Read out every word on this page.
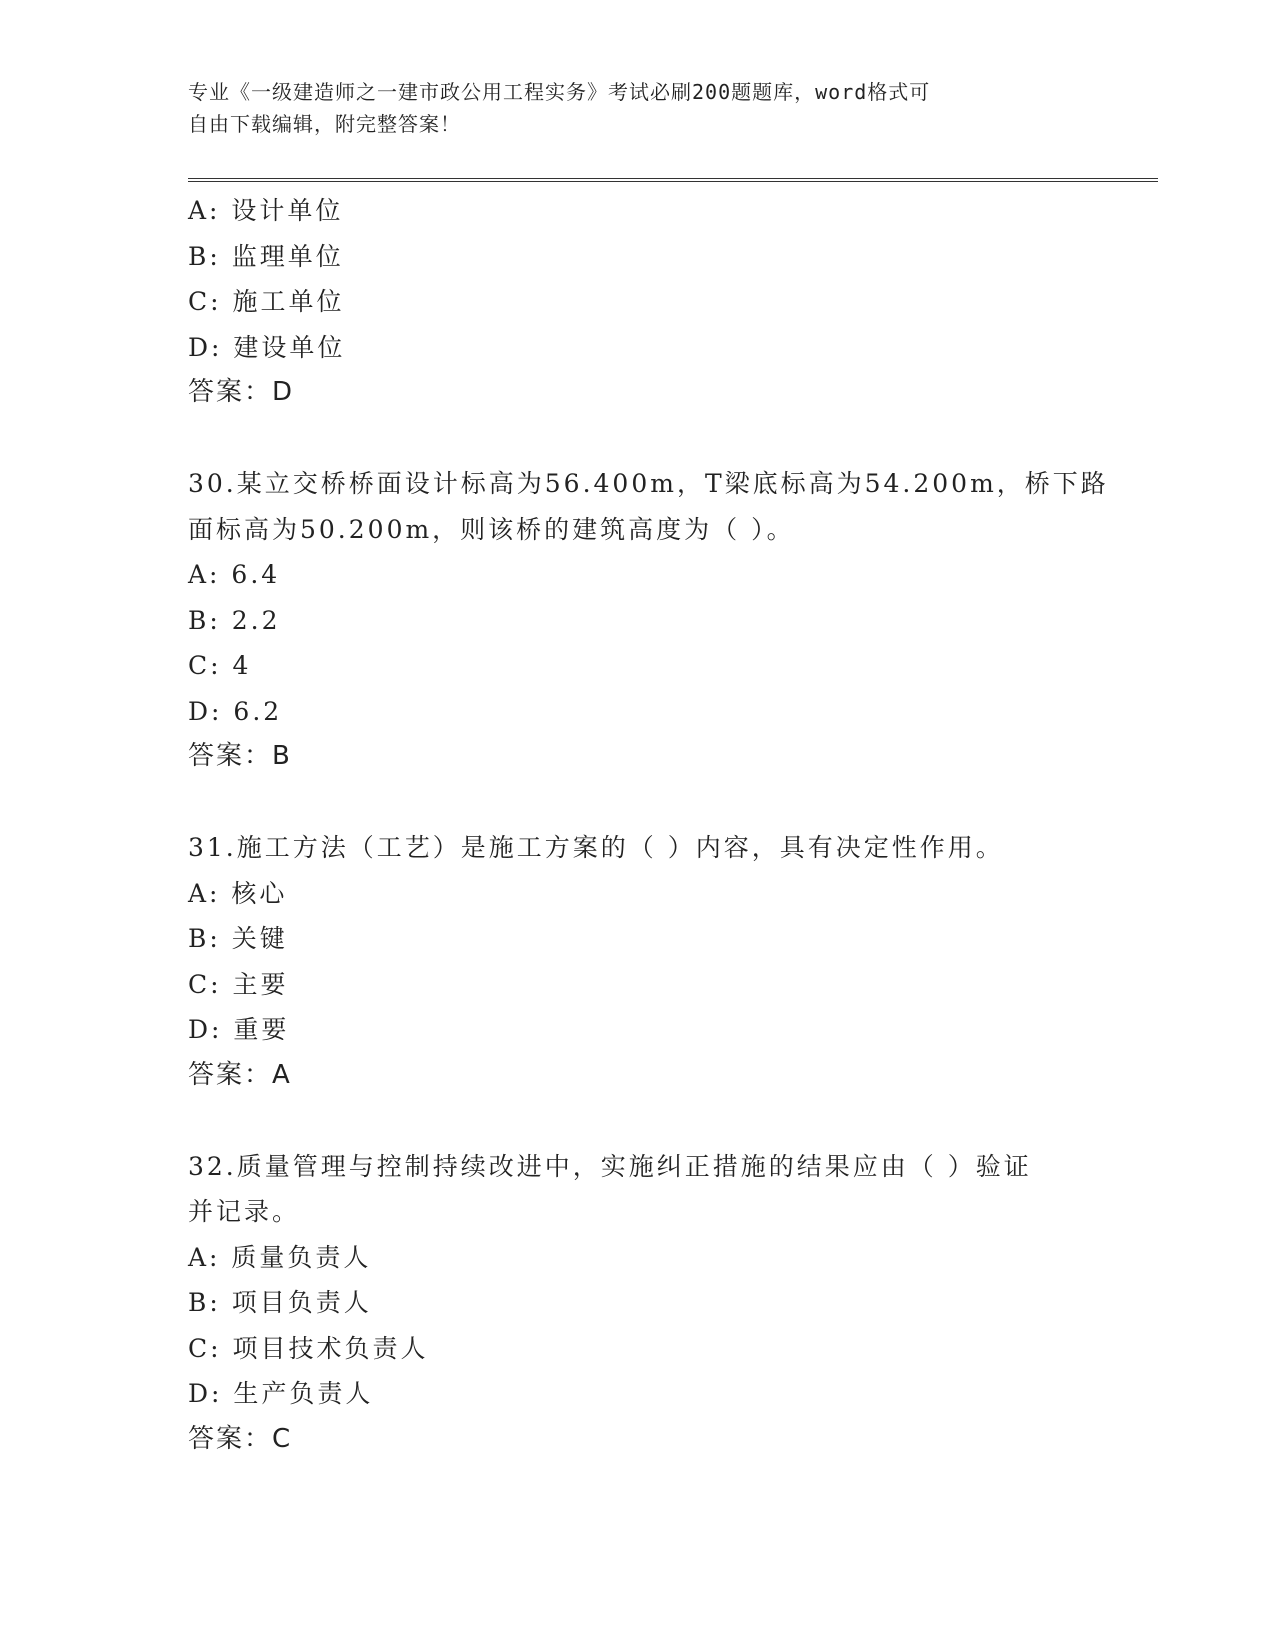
专业《一级建造师之一建市政公用工程实务》考试必刷200题题库，word格式可
自由下载编辑，附完整答案！
A: 设计单位
B: 监理单位
C: 施工单位
D: 建设单位
答案：D
30.某立交桥桥面设计标高为56.400m，T梁底标高为54.200m，桥下路
面标高为50.200m，则该桥的建筑高度为（ ）。
A: 6.4
B: 2.2
C: 4
D: 6.2
答案：B
31.施工方法（工艺）是施工方案的（ ）内容，具有决定性作用。
A: 核心
B: 关键
C: 主要
D: 重要
答案：A
32.质量管理与控制持续改进中，实施纠正措施的结果应由（ ）验证
并记录。
A: 质量负责人
B: 项目负责人
C: 项目技术负责人
D: 生产负责人
答案：C
